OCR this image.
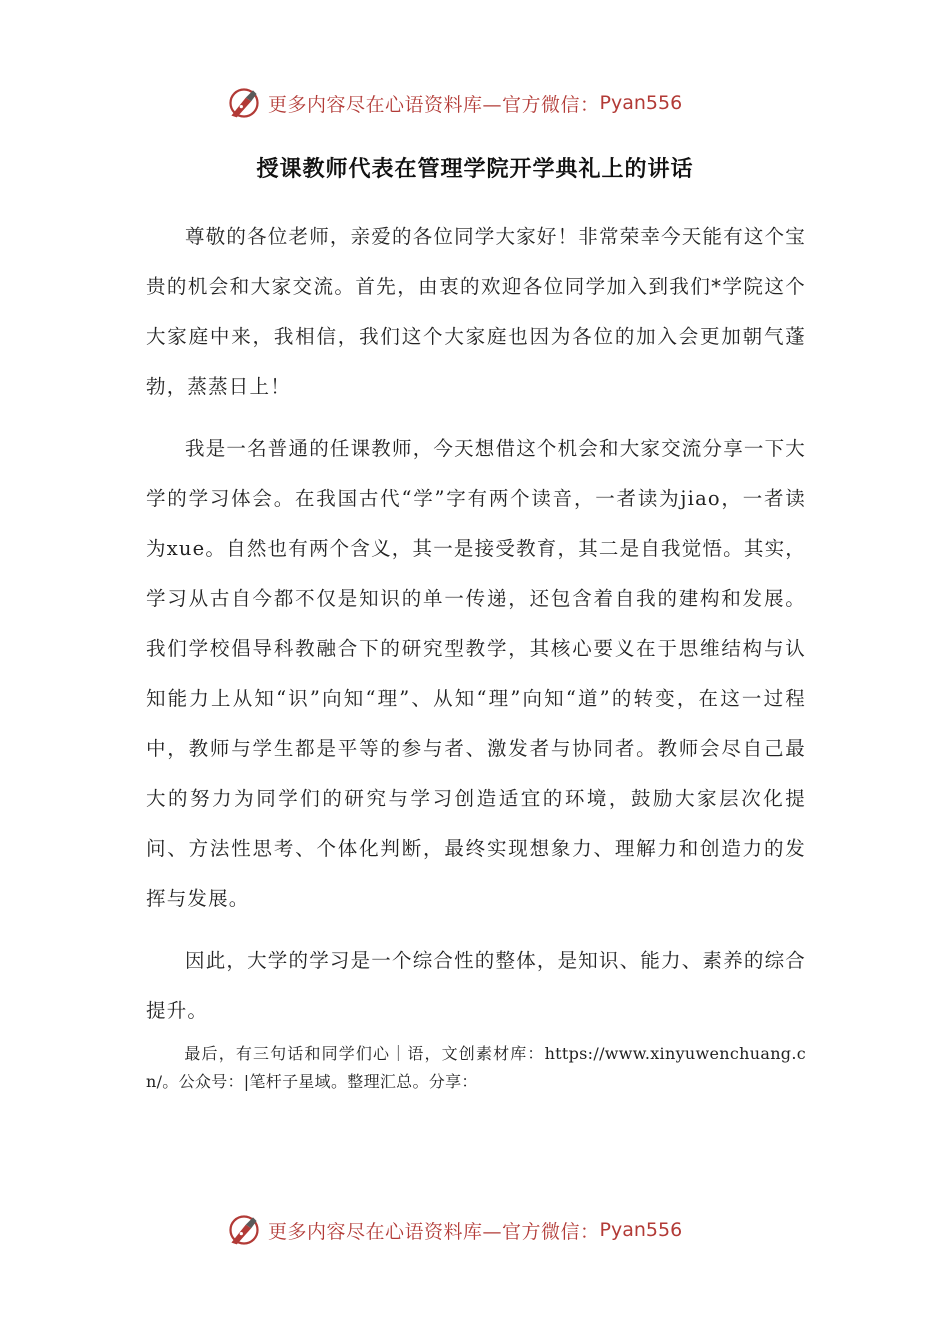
更多内容尽在心语资料库—官方微信： Pyan556
授课教师代表在管理学院开学典礼上的讲话

尊敬的各位老师，亲爱的各位同学大家好！非常荣幸今天能有这个宝贵的机会和大家交流。首先，由衷的欢迎各位同学加入到我们*学院这个大家庭中来，我相信，我们这个大家庭也因为各位的加入会更加朝气蓬勃，蒸蒸日上！

我是一名普通的任课教师，今天想借这个机会和大家交流分享一下大学的学习体会。在我国古代“学”字有两个读音，一者读为jiao，一者读为xue。自然也有两个含义，其一是接受教育，其二是自我觉悟。其实，学习从古自今都不仅是知识的单一传递，还包含着自我的建构和发展。我们学校倡导科教融合下的研究型教学，其核心要义在于思维结构与认知能力上从知“识”向知“理”、从知“理”向知“道”的转变，在这一过程中，教师与学生都是平等的参与者、激发者与协同者。教师会尽自己最大的努力为同学们的研究与学习创造适宜的环境，鼓励大家层次化提问、方法性思考、个体化判断，最终实现想象力、理解力和创造力的发挥与发展。

因此，大学的学习是一个综合性的整体，是知识、能力、素养的综合提升。

最后，有三句话和同学们心｜语，文创素材库：https://www.xinyuwenchuang.cn/。公众号：|笔杆子星域。整理汇总。分享：
更多内容尽在心语资料库—官方微信： Pyan556
